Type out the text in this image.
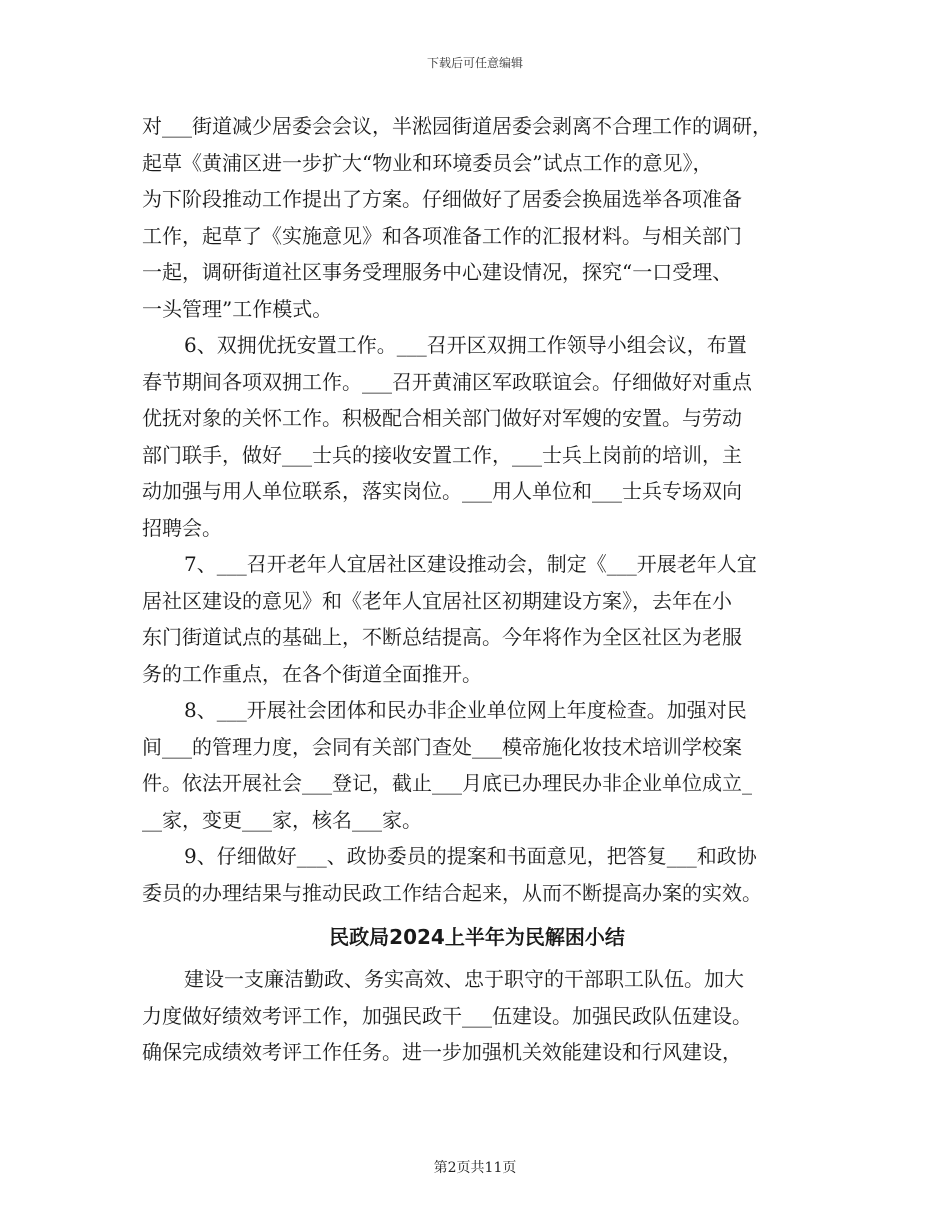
下载后可任意编辑

对___街道减少居委会会议，半淞园街道居委会剥离不合理工作的调研，
起草《黄浦区进一步扩大“物业和环境委员会”试点工作的意见》，
为下阶段推动工作提出了方案。仔细做好了居委会换届选举各项准备
工作，起草了《实施意见》和各项准备工作的汇报材料。与相关部门
一起，调研街道社区事务受理服务中心建设情况，探究“一口受理、
一头管理”工作模式。

6、双拥优抚安置工作。___召开区双拥工作领导小组会议，布置
春节期间各项双拥工作。___召开黄浦区军政联谊会。仔细做好对重点
优抚对象的关怀工作。积极配合相关部门做好对军嫂的安置。与劳动
部门联手，做好___士兵的接收安置工作，___士兵上岗前的培训，主
动加强与用人单位联系，落实岗位。___用人单位和___士兵专场双向
招聘会。

7、___召开老年人宜居社区建设推动会，制定《___开展老年人宜
居社区建设的意见》和《老年人宜居社区初期建设方案》，去年在小
东门街道试点的基础上，不断总结提高。今年将作为全区社区为老服
务的工作重点，在各个街道全面推开。

8、___开展社会团体和民办非企业单位网上年度检查。加强对民
间___的管理力度，会同有关部门查处___模帝施化妆技术培训学校案
件。依法开展社会___登记，截止___月底已办理民办非企业单位成立_
__家，变更___家，核名___家。

9、仔细做好___、政协委员的提案和书面意见，把答复___和政协
委员的办理结果与推动民政工作结合起来，从而不断提高办案的实效。

民政局2024上半年为民解困小结

建设一支廉洁勤政、务实高效、忠于职守的干部职工队伍。加大
力度做好绩效考评工作，加强民政干___伍建设。加强民政队伍建设。
确保完成绩效考评工作任务。进一步加强机关效能建设和行风建设，

第2页共11页
